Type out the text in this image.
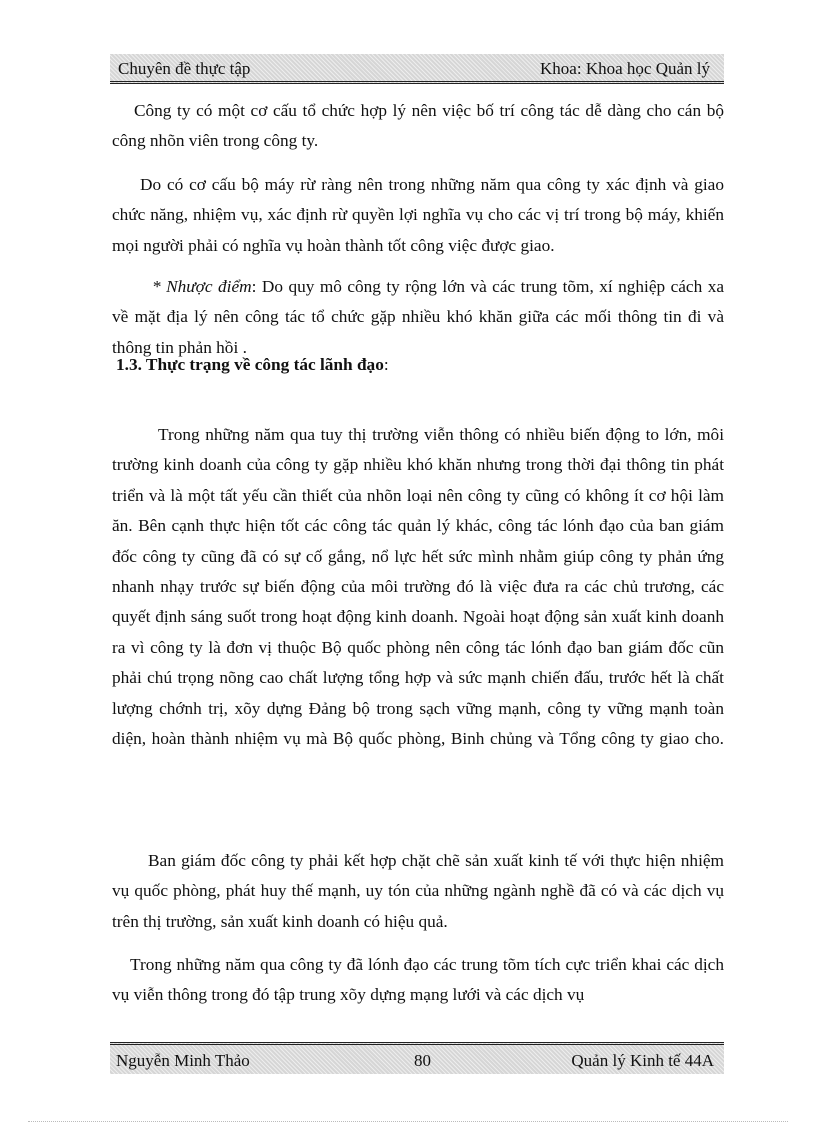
Chuyên đề thực tập	Khoa: Khoa học Quản lý

Công ty có một cơ cấu tổ chức hợp lý nên việc bố trí công tác dễ dàng cho cán bộ công nhõn viên trong công ty.

Do có cơ cấu bộ máy rừ ràng nên trong những năm qua công ty xác định và giao chức năng, nhiệm vụ, xác định rừ quyền lợi nghĩa vụ cho các vị trí trong bộ máy, khiến mọi người phải có nghĩa vụ hoàn thành tốt công việc được giao.

* Nhược điểm: Do quy mô công ty rộng lớn và các trung tõm, xí nghiệp cách xa về mặt địa lý nên công tác tổ chức gặp nhiều khó khăn giữa các mối thông tin đi và thông tin phản hồi .

1.3. Thực trạng về công tác lãnh đạo:

Trong những năm qua tuy thị trường viễn thông có nhiều biến động to lớn, môi trường kinh doanh của công ty gặp nhiều khó khăn nhưng trong thời đại thông tin phát triển và là một tất yếu cần thiết của nhõn loại nên công ty cũng có không ít cơ hội làm ăn. Bên cạnh thực hiện tốt các công tác quản lý khác, công tác lónh đạo của ban giám đốc công ty cũng đã có sự cố gắng, nổ lực hết sức mình nhằm giúp công ty phản ứng nhanh nhạy trước sự biến động của môi trường đó là việc đưa ra các chủ trương, các quyết định sáng suốt trong hoạt động kinh doanh. Ngoài hoạt động sản xuất kinh doanh ra vì công ty là đơn vị thuộc Bộ quốc phòng nên công tác lónh đạo ban giám đốc cũn phải chú trọng nõng cao chất lượng tổng hợp và sức mạnh chiến đấu, trước hết là chất lượng chớnh trị, xõy dựng Đảng bộ trong sạch vững mạnh, công ty vững mạnh toàn diện, hoàn thành nhiệm vụ mà Bộ quốc phòng, Binh chủng và Tổng công ty giao cho.

Ban giám đốc công ty phải kết hợp chặt chẽ sản xuất kinh tế với thực hiện nhiệm vụ quốc phòng, phát huy thế mạnh, uy tón của những ngành nghề đã có và các dịch vụ trên thị trường, sản xuất kinh doanh có hiệu quả.

Trong những năm qua công ty đã lónh đạo các trung tõm tích cực triển khai các dịch vụ viễn thông trong đó tập trung xõy dựng mạng lưới và các dịch vụ

Nguyễn Minh Thảo	80	Quản lý Kinh tế 44A
